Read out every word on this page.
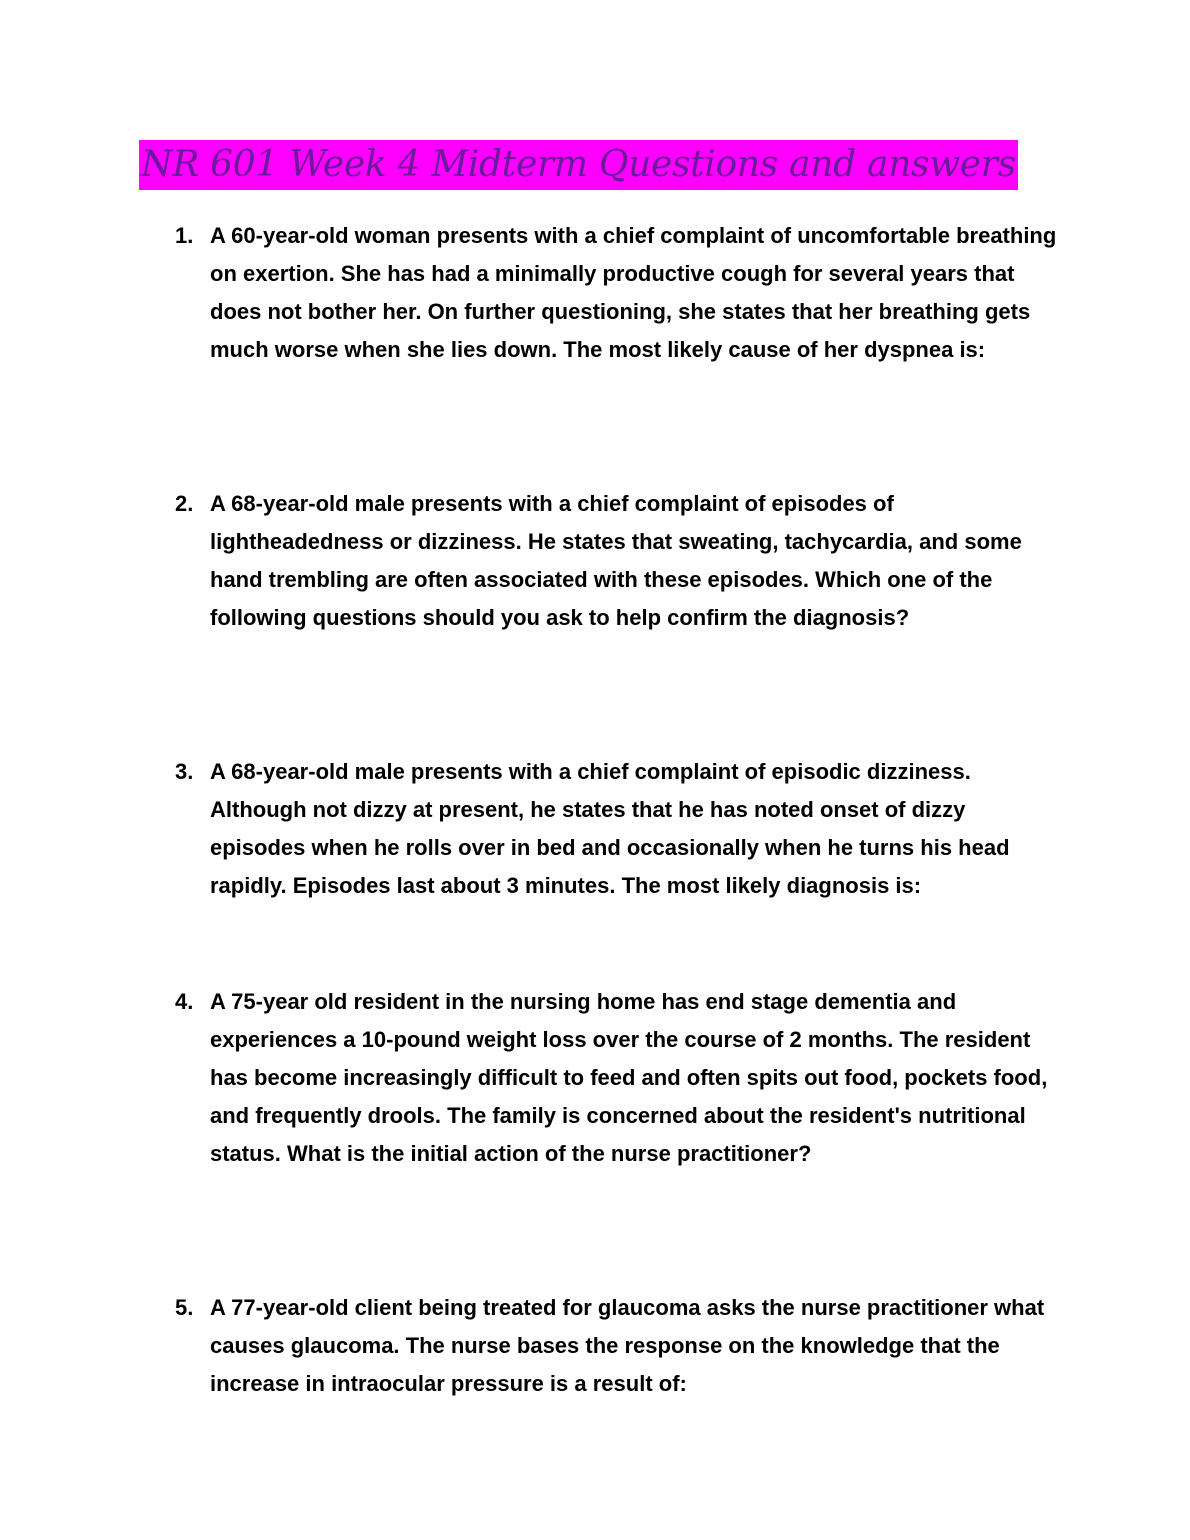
NR 601 Week 4 Midterm Questions and answers
1. A 60-year-old woman presents with a chief complaint of uncomfortable breathing on exertion. She has had a minimally productive cough for several years that does not bother her. On further questioning, she states that her breathing gets much worse when she lies down. The most likely cause of her dyspnea is:
2. A 68-year-old male presents with a chief complaint of episodes of lightheadedness or dizziness. He states that sweating, tachycardia, and some hand trembling are often associated with these episodes. Which one of the following questions should you ask to help confirm the diagnosis?
3. A 68-year-old male presents with a chief complaint of episodic dizziness. Although not dizzy at present, he states that he has noted onset of dizzy episodes when he rolls over in bed and occasionally when he turns his head rapidly. Episodes last about 3 minutes. The most likely diagnosis is:
4. A 75-year old resident in the nursing home has end stage dementia and experiences a 10-pound weight loss over the course of 2 months. The resident has become increasingly difficult to feed and often spits out food, pockets food, and frequently drools. The family is concerned about the resident's nutritional status. What is the initial action of the nurse practitioner?
5. A 77-year-old client being treated for glaucoma asks the nurse practitioner what causes glaucoma. The nurse bases the response on the knowledge that the increase in intraocular pressure is a result of:
